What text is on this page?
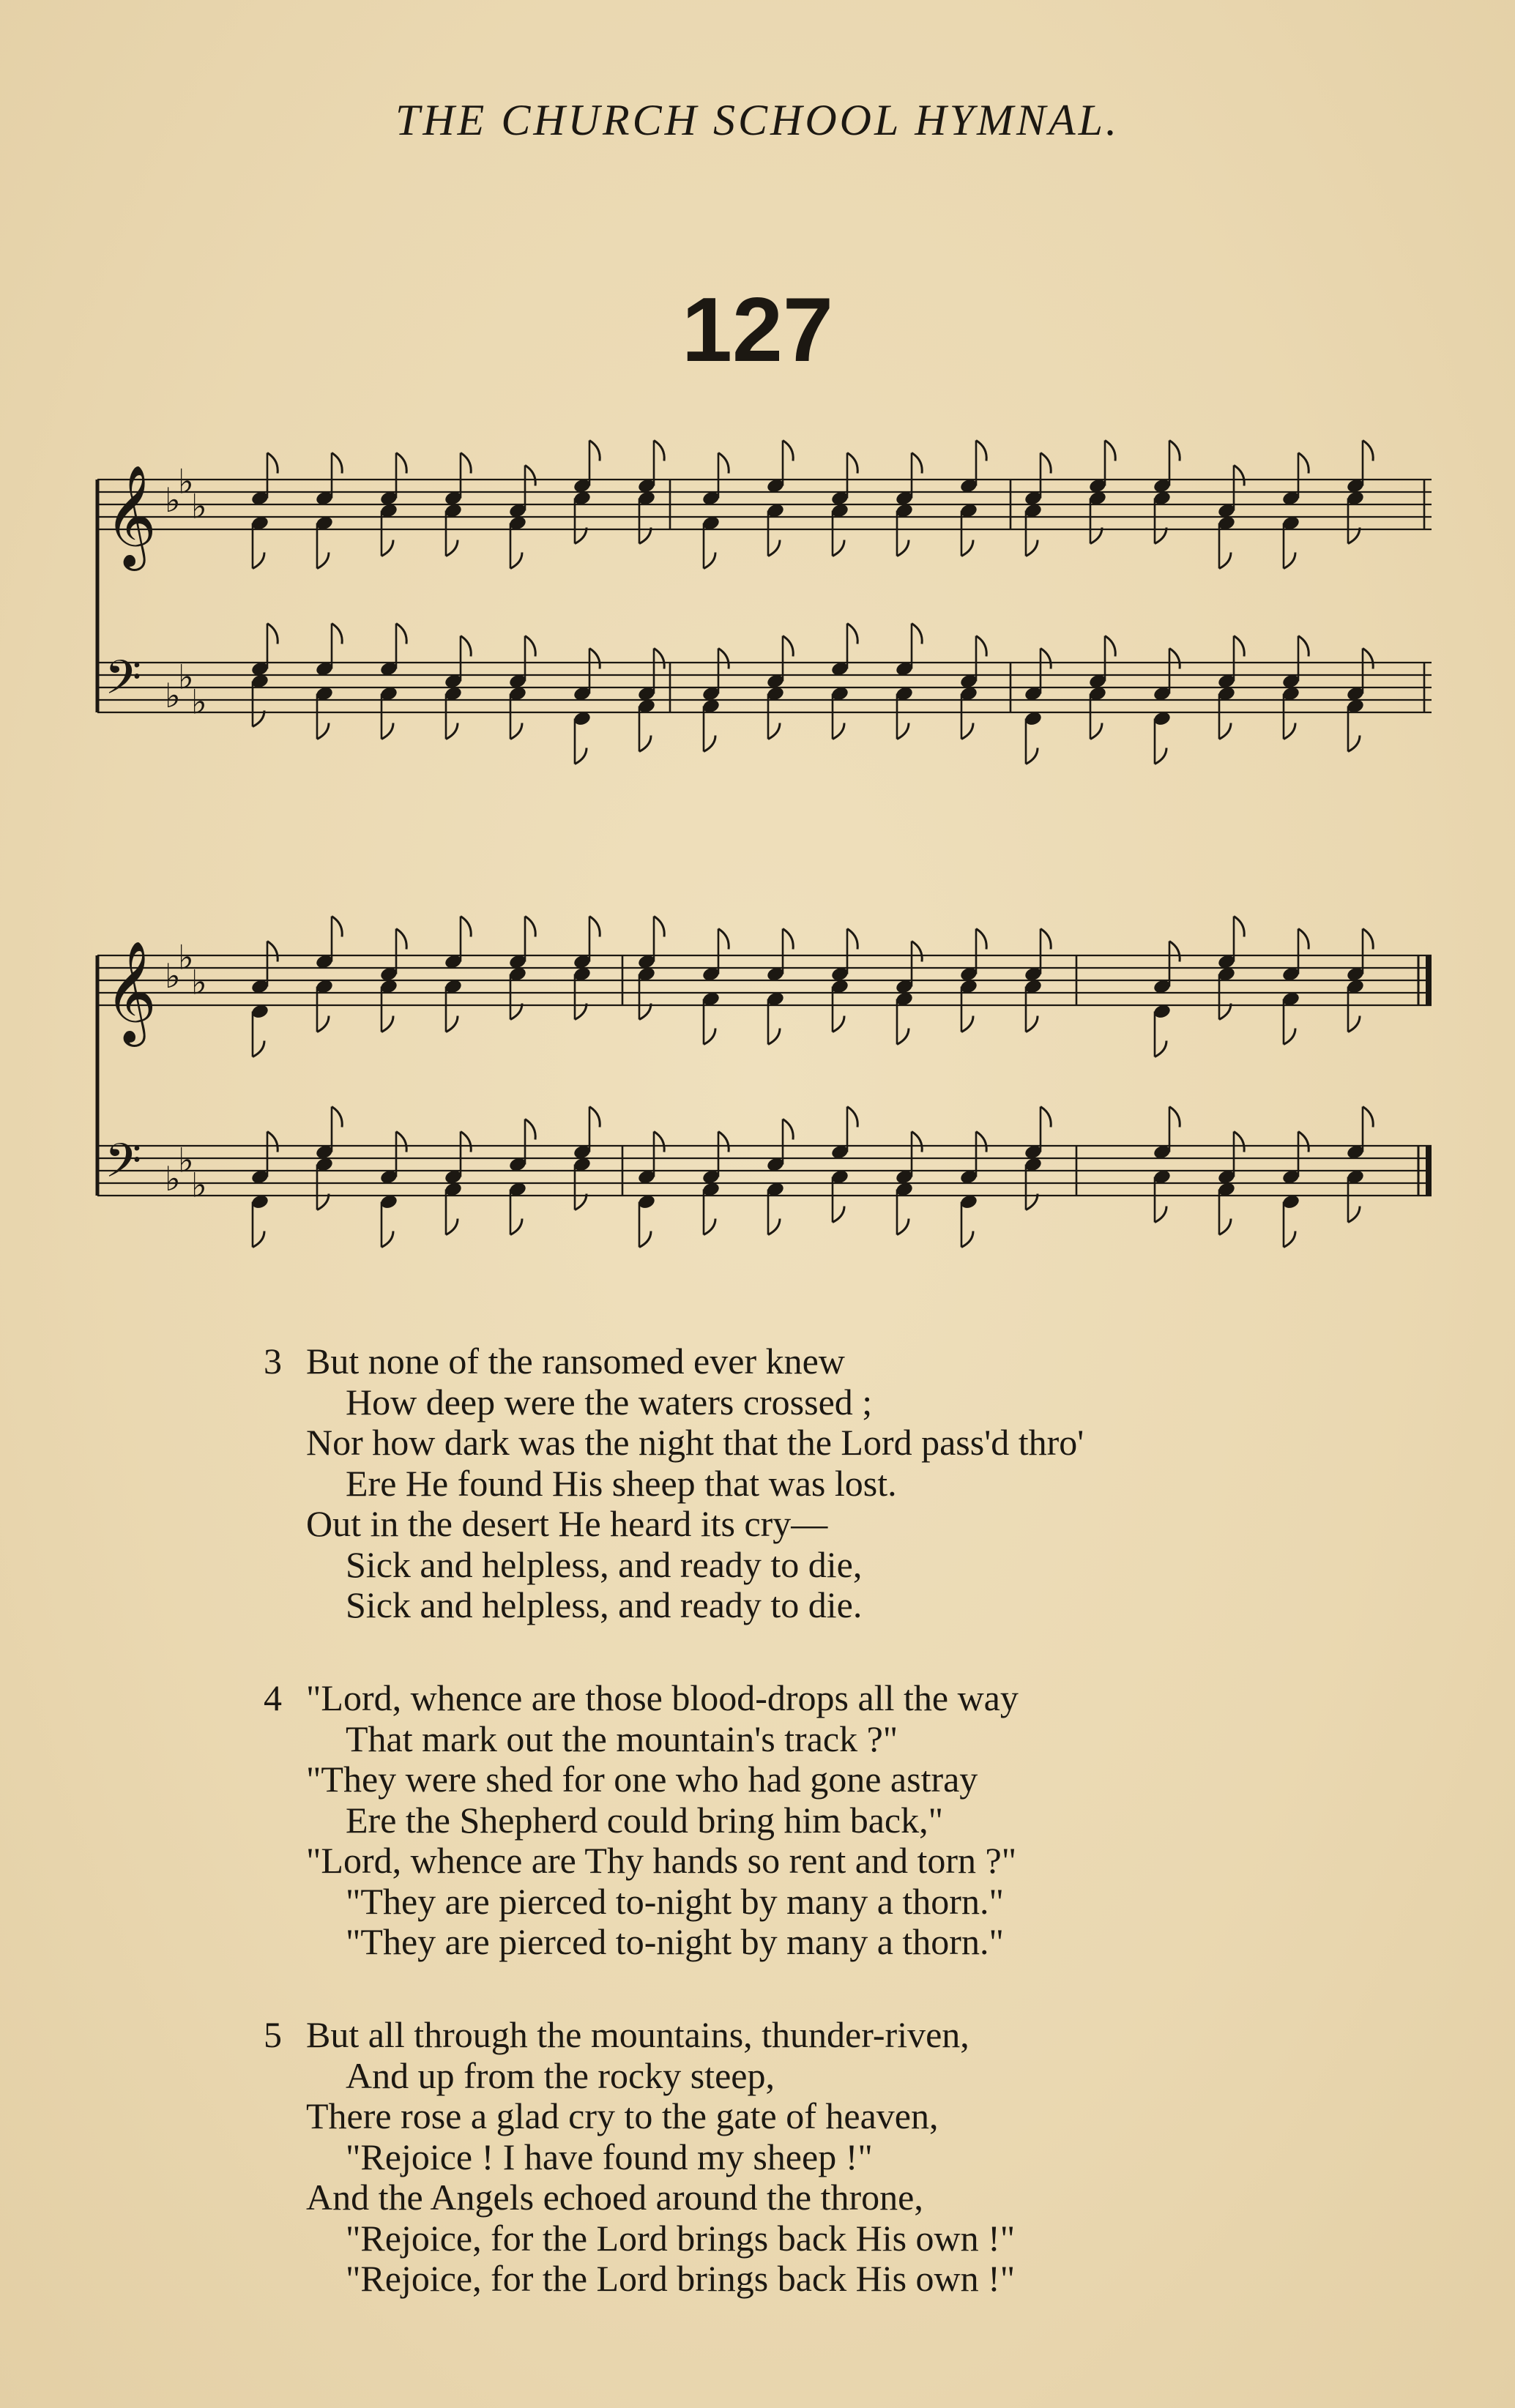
THE CHURCH SCHOOL HYMNAL.
127
𝄞 ♭
♭
♭
𝄢 ♭
♭
♭
𝄞 ♭
♭
♭
𝄢 ♭
♭
♭
3 But none of the ransomed ever knew
How deep were the waters crossed ;
Nor how dark was the night that the Lord pass'd thro'
Ere He found His sheep that was lost.
Out in the desert He heard its cry—
Sick and helpless, and ready to die,
Sick and helpless, and ready to die.
4 "Lord, whence are those blood-drops all the way
That mark out the mountain's track ?"
"They were shed for one who had gone astray
Ere the Shepherd could bring him back,"
"Lord, whence are Thy hands so rent and torn ?"
"They are pierced to-night by many a thorn."
"They are pierced to-night by many a thorn."
5 But all through the mountains, thunder-riven,
And up from the rocky steep,
There rose a glad cry to the gate of heaven,
"Rejoice ! I have found my sheep !"
And the Angels echoed around the throne,
"Rejoice, for the Lord brings back His own !"
"Rejoice, for the Lord brings back His own !"
